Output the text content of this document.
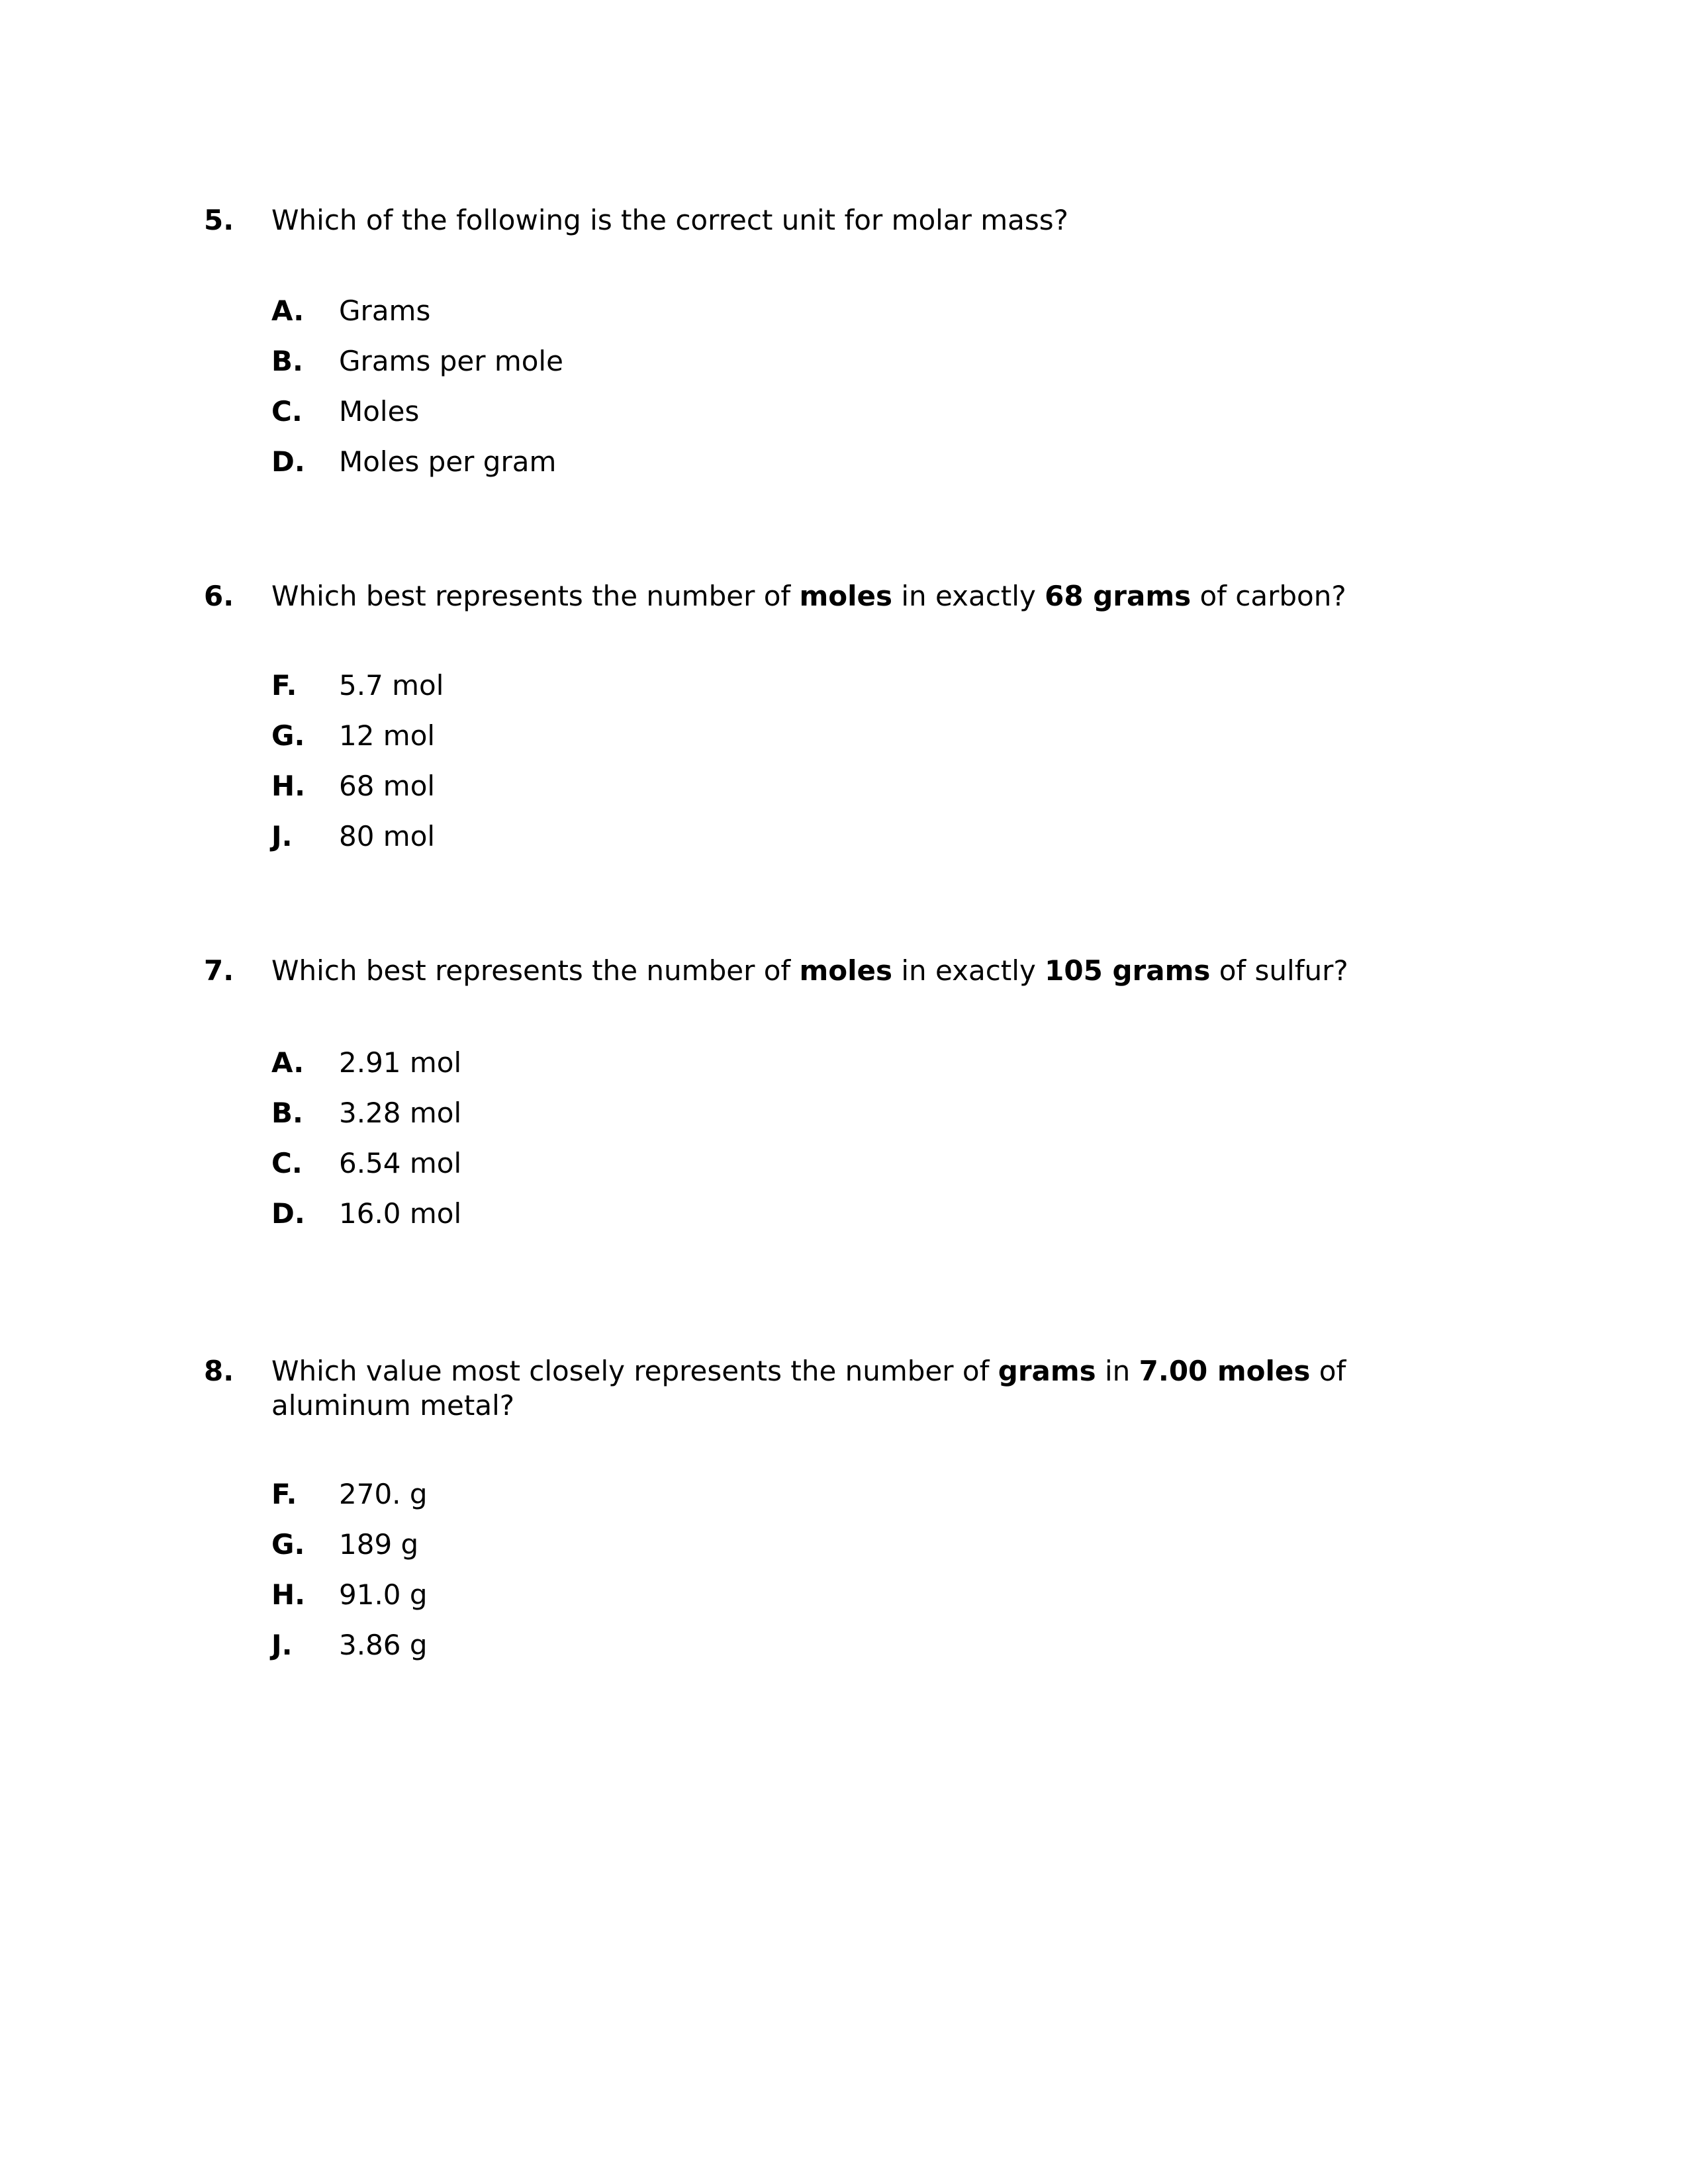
5. Which of the following is the correct unit for molar mass?
A. Grams
B. Grams per mole
C. Moles
D. Moles per gram
6. Which best represents the number of moles in exactly 68 grams of carbon?
F. 5.7 mol
G. 12 mol
H. 68 mol
J. 80 mol
7. Which best represents the number of moles in exactly 105 grams of sulfur?
A. 2.91 mol
B. 3.28 mol
C. 6.54 mol
D. 16.0 mol
8. Which value most closely represents the number of grams in 7.00 moles of
aluminum metal?
F. 270. g
G. 189 g
H. 91.0 g
J. 3.86 g
